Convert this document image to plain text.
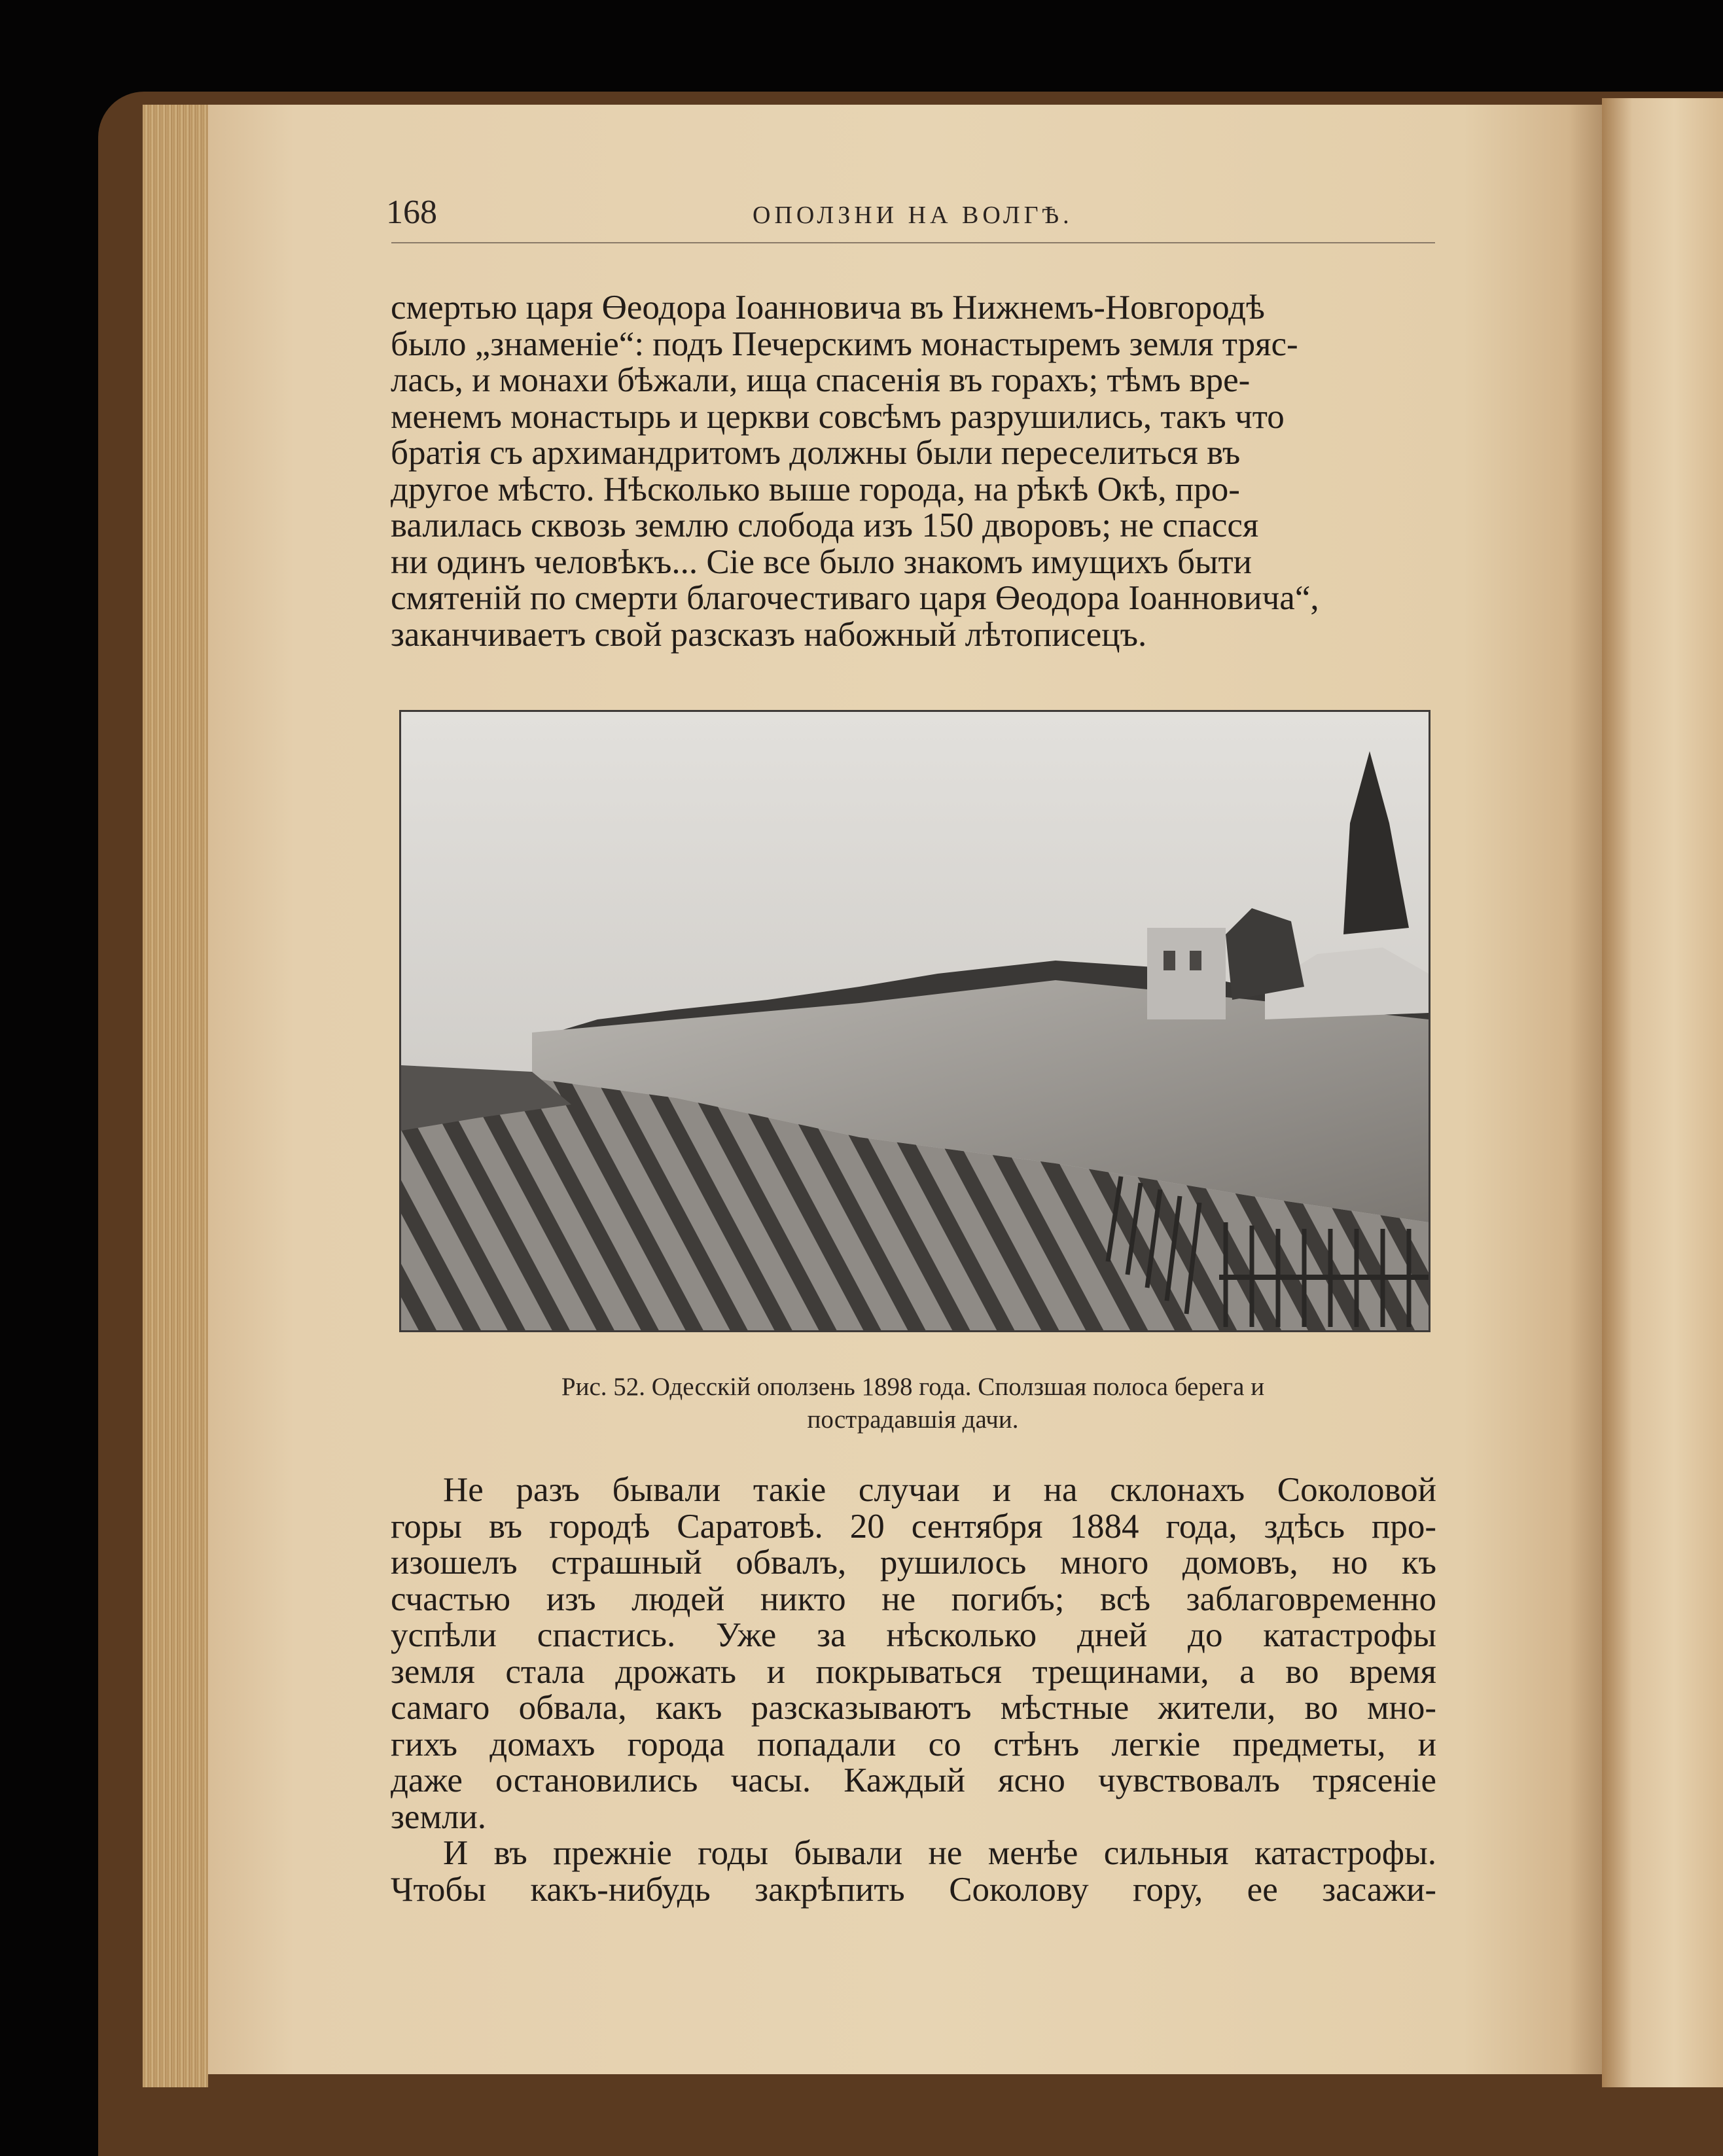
168	ОПОЛЗНИ НА ВОЛГѢ.
смертью царя Өеодора Іоанновича въ Нижнемъ-Новгородѣ
было „знаменіе“: подъ Печерскимъ монастыремъ земля тряс-
лась, и монахи бѣжали, ища спасенія въ горахъ; тѣмъ вре-
менемъ монастырь и церкви совсѣмъ разрушились, такъ что
братія съ архимандритомъ должны были переселиться въ
другое мѣсто. Нѣсколько выше города, на рѣкѣ Окѣ, про-
валилась сквозь землю слобода изъ 150 дворовъ; не спасся
ни одинъ человѣкъ... Сіе все было знакомъ имущихъ быти
смятеній по смерти благочестиваго царя Өеодора Іоанновича“,
заканчиваетъ свой разсказъ набожный лѣтописецъ.
Рис. 52. Одесскій оползень 1898 года. Сползшая полоса берега и
пострадавшія дачи.
Не разъ бывали такіе случаи и на склонахъ Соколовой
горы въ городѣ Саратовѣ. 20 сентября 1884 года, здѣсь про-
изошелъ страшный обвалъ, рушилось много домовъ, но къ
счастью изъ людей никто не погибъ; всѣ заблаговременно
успѣли спастись. Уже за нѣсколько дней до катастрофы
земля стала дрожать и покрываться трещинами, а во время
самаго обвала, какъ разсказываютъ мѣстные жители, во мно-
гихъ домахъ города попадали со стѣнъ легкіе предметы, и
даже остановились часы. Каждый ясно чувствовалъ трясеніе
земли.
И въ прежніе годы бывали не менѣе сильныя катастрофы.
Чтобы какъ-нибудь закрѣпить Соколову гору, ее засажи-
